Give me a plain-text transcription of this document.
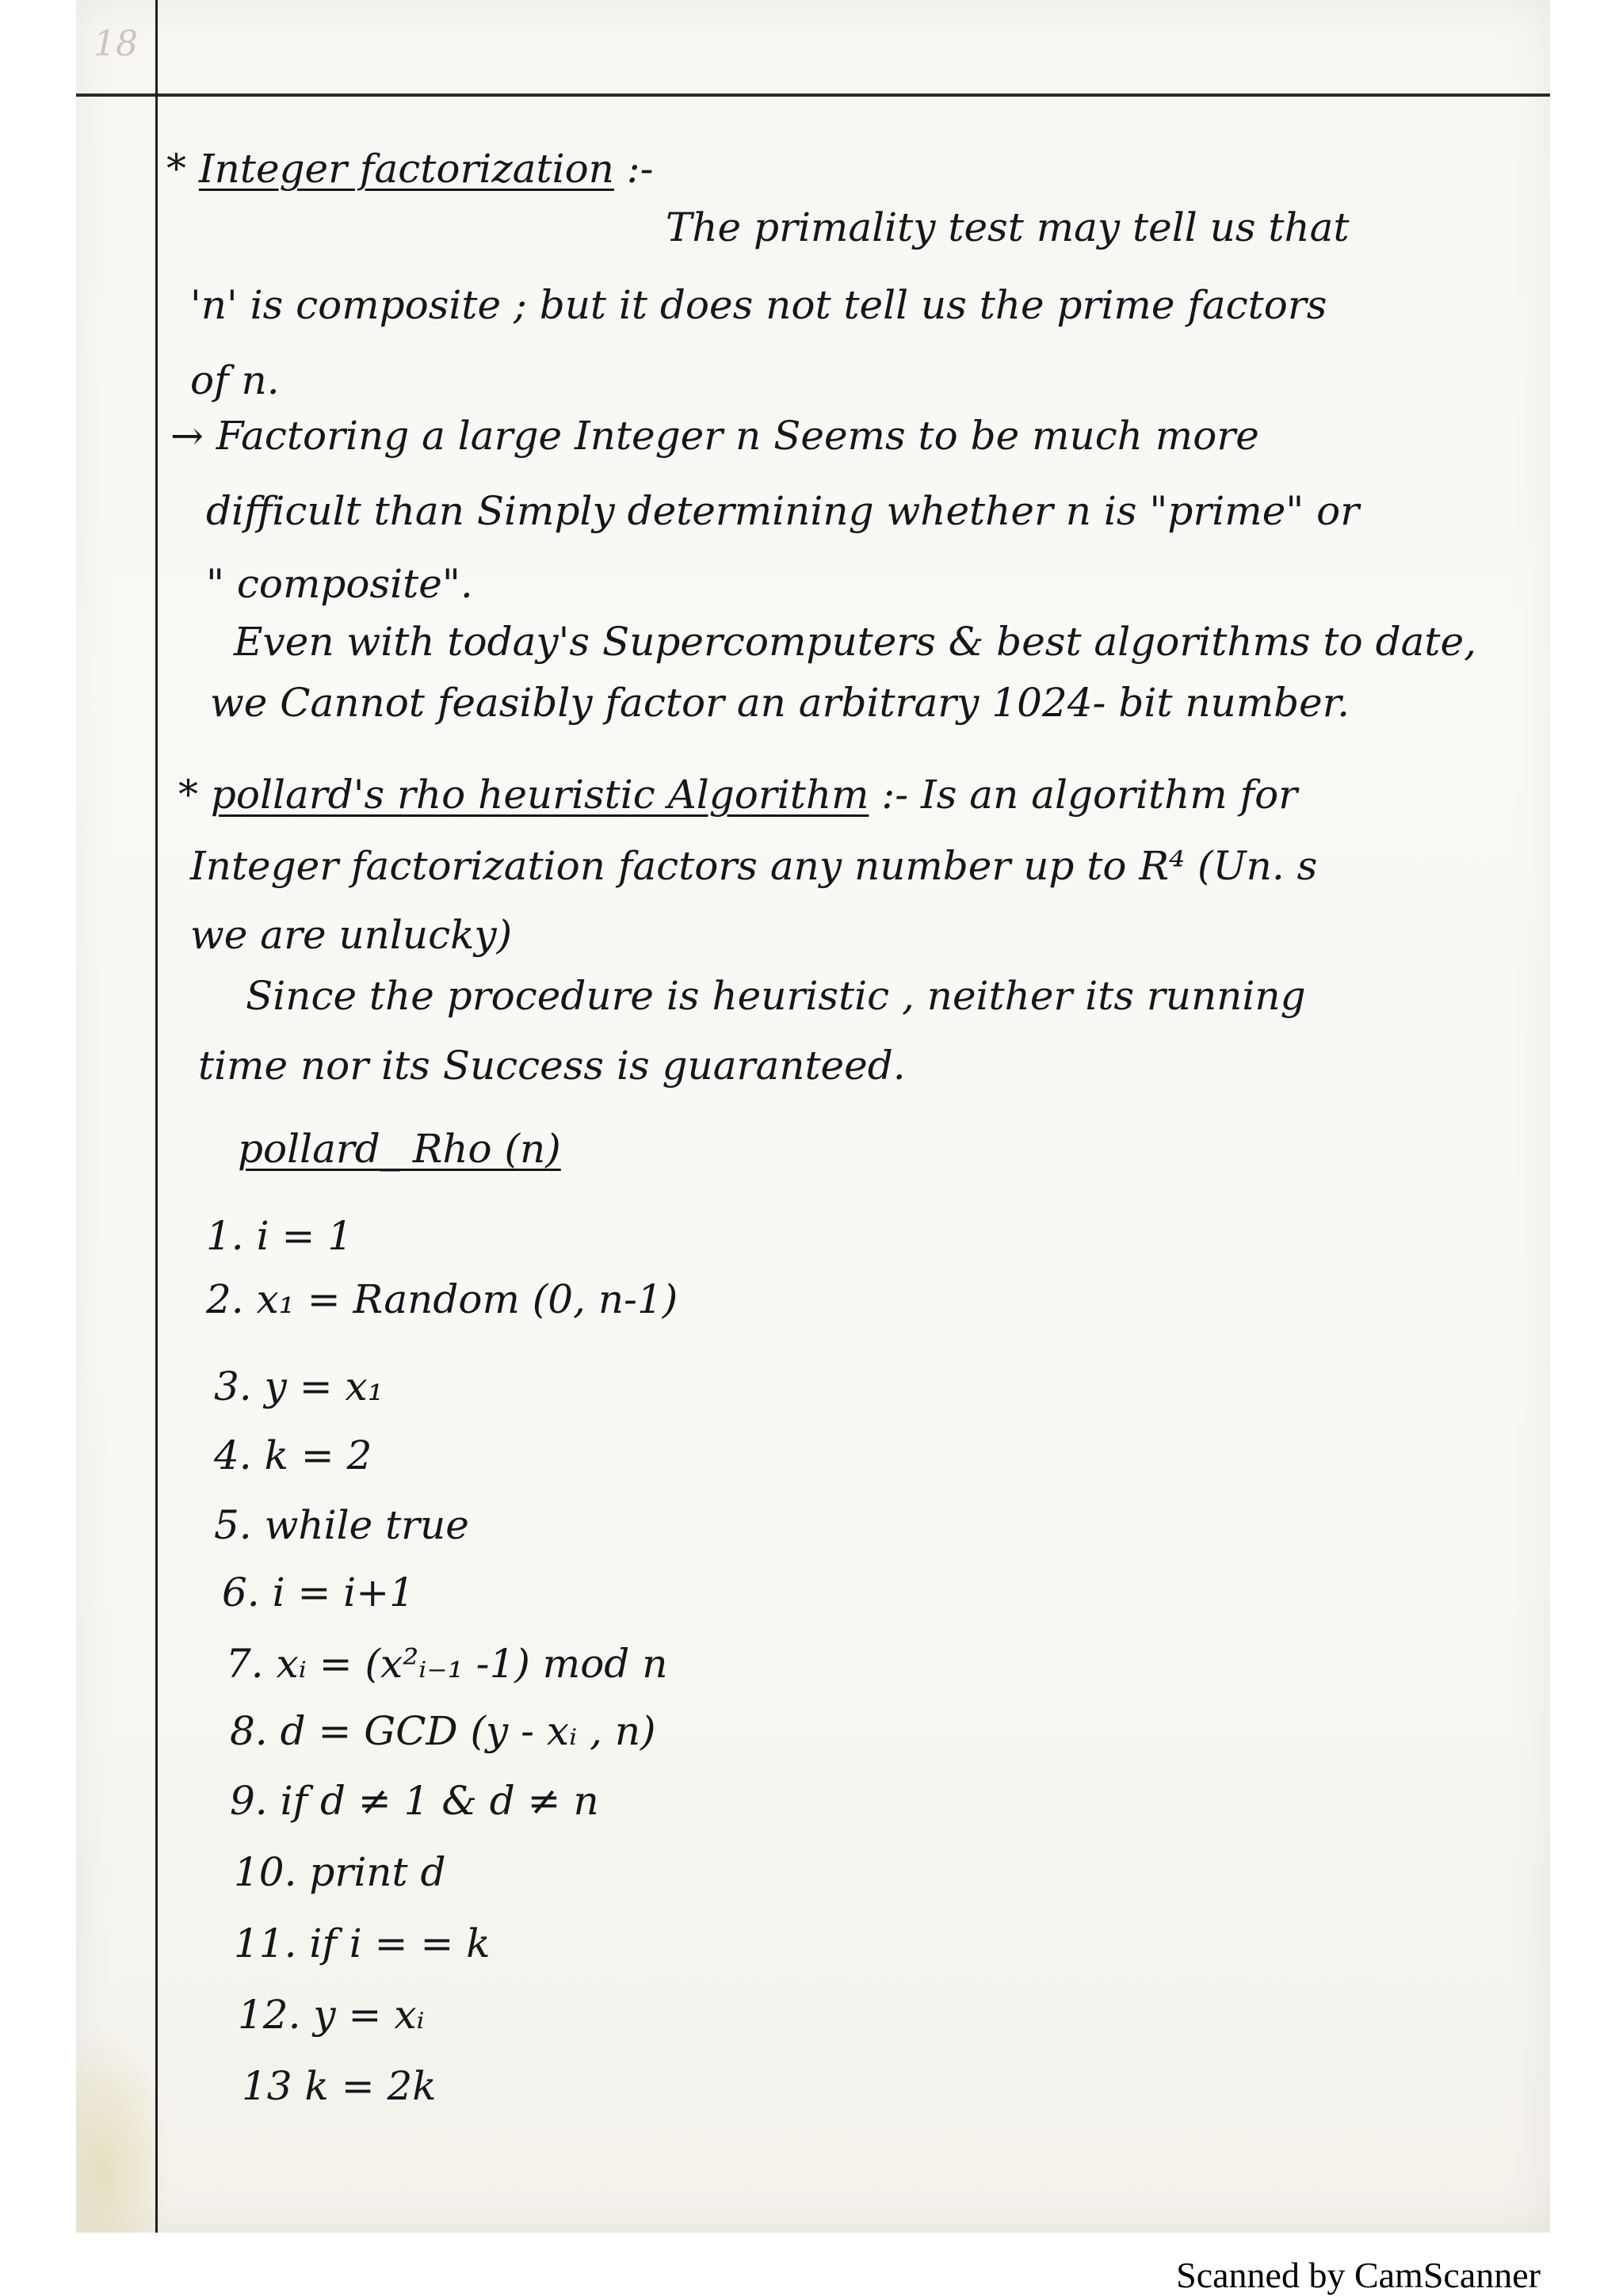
18
* Integer factorization :-
The primality test may tell us that
'n' is composite ; but it does not tell us the prime factors
of n.
→ Factoring a large Integer n Seems to be much more
difficult than Simply determining whether n is "prime" or
" composite".
Even with today's Supercomputers & best algorithms to date,
we Cannot feasibly factor an arbitrary 1024- bit number.
* pollard's rho heuristic Algorithm :- Is an algorithm for
Integer factorization factors any number up to R⁴ (Un. s
we are unlucky)
Since the procedure is heuristic , neither its running
time nor its Success is guaranteed.
pollard_ Rho (n)
1. i = 1
2. x₁ = Random (0, n-1)
3. y = x₁
4. k = 2
5. while true
6. i = i+1
7. xᵢ = (x²ᵢ₋₁ -1) mod n
8. d = GCD (y - xᵢ , n)
9. if d ≠ 1 & d ≠ n
10. print d
11. if i = = k
12. y = xᵢ
13 k = 2k
Scanned by CamScanner
